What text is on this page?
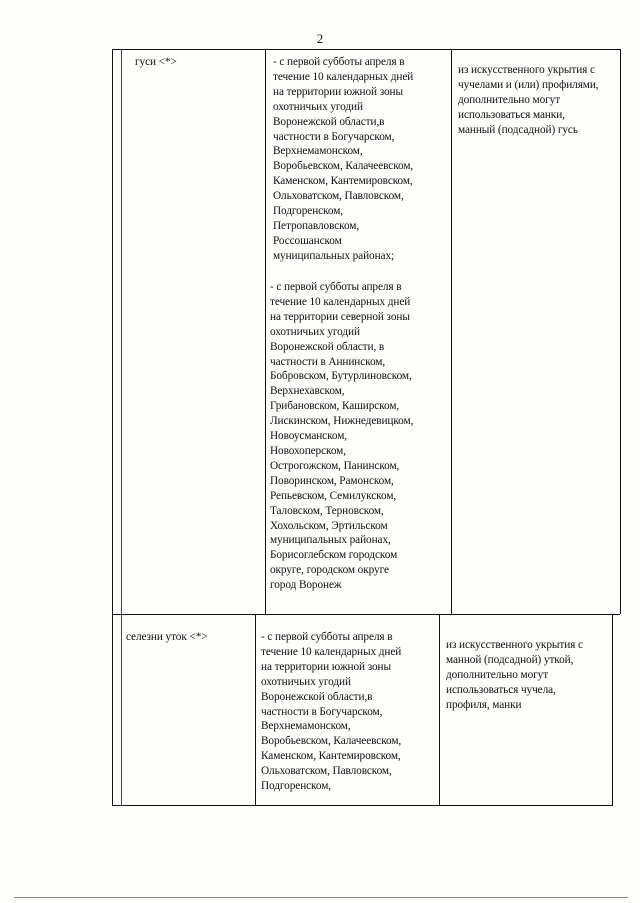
2
гуси <*>	- с первой субботы апреля в
течение 10 календарных дней
на территории южной зоны
охотничьих угодий
Воронежской области,в
частности в Богучарском,
Верхнемамонском,
Воробьевском, Калачеевском,
Каменском, Кантемировском,
Ольховатском, Павловском,
Подгоренском,
Петропавловском,
Россошанском
муниципальных районах;
- с первой субботы апреля в
течение 10 календарных дней
на территории северной зоны
охотничьих угодий
Воронежской области, в
частности в Аннинском,
Бобровском, Бутурлиновском,
Верхнехавском,
Грибановском, Каширском,
Лискинском, Нижнедевицком,
Новоусманском,
Новохоперском,
Острогожском, Панинском,
Поворинском, Рамонском,
Репьевском, Семилукском,
Таловском, Терновском,
Хохольском, Эртильском
муниципальных районах,
Борисоглебском городском
округе, городском округе
город Воронеж
из искусственного укрытия с
чучелами и (или) профилями,
дополнительно могут
использоваться манки,
манный (подсадной) гусь
селезни уток <*>	- с первой субботы апреля в
течение 10 календарных дней
на территории южной зоны
охотничьих угодий
Воронежской области,в
частности в Богучарском,
Верхнемамонском,
Воробьевском, Калачеевском,
Каменском, Кантемировском,
Ольховатском, Павловском,
Подгоренском,
из искусственного укрытия с
манной (подсадной) уткой,
дополнительно могут
использоваться чучела,
профиля, манки
